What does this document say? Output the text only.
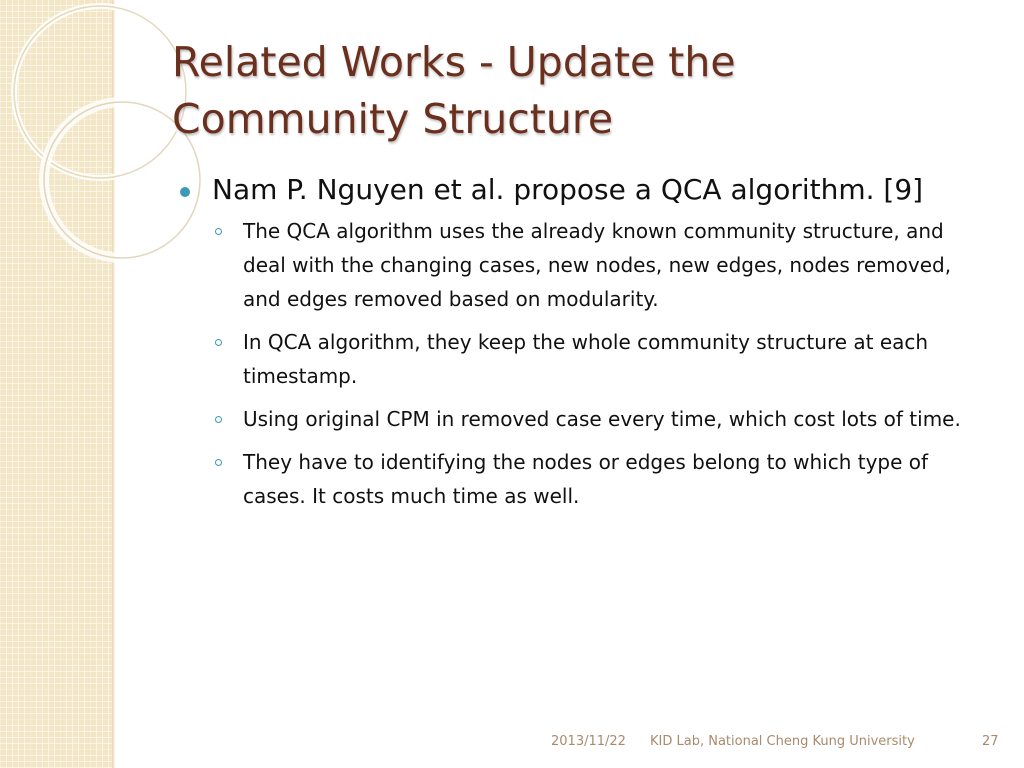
Related Works - Update the Community Structure
Nam P. Nguyen et al. propose a QCA algorithm. [9]
The QCA algorithm uses the already known community structure, and deal with the changing cases, new nodes, new edges, nodes removed, and edges removed based on modularity.
In QCA algorithm, they keep the whole community structure at each timestamp.
Using original CPM in removed case every time, which cost lots of time.
They have to identifying the nodes or edges belong to which type of cases. It costs much time as well.
2013/11/22 KID Lab, National Cheng Kung University	27
